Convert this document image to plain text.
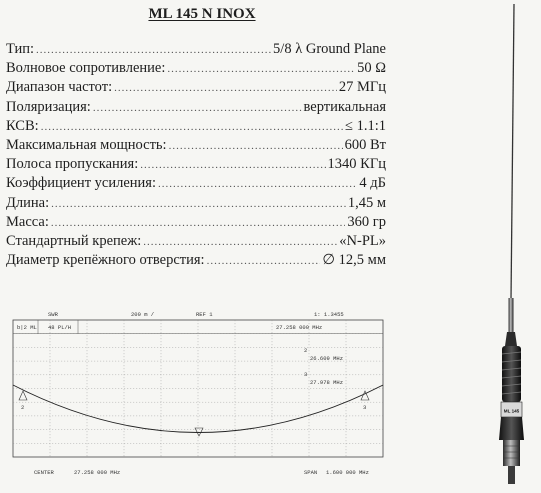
ML 145 N INOX
Тип: .....	5/8 λ Ground Plane
Волновое сопротивление: .....	50 Ω
Диапазон частот: .....	27 МГц
Поляризация: .....	вертикальная
КСВ: .....	≤ 1.1:1
Максимальная мощность: .....	600 Вт
Полоса пропускания: .....	1340 КГц
Коэффициент усиления: .....	4 дБ
Длина: .....	1,45 м
Масса: .....	360 гр
Стандартный крепеж: .....	«N-PL»
Диаметр крепёжного отверстия: .....	∅ 12,5 мм
SWR	200 m /	REF 1	1: 1.3455
b|2 ML 48 PL/H	27.258 000 MHz
2
26.609 MHz
3
27.978 MHz
2	3
CENTER	27.258 000 MHz	SPAN 1.600 000 MHz
ML 145
